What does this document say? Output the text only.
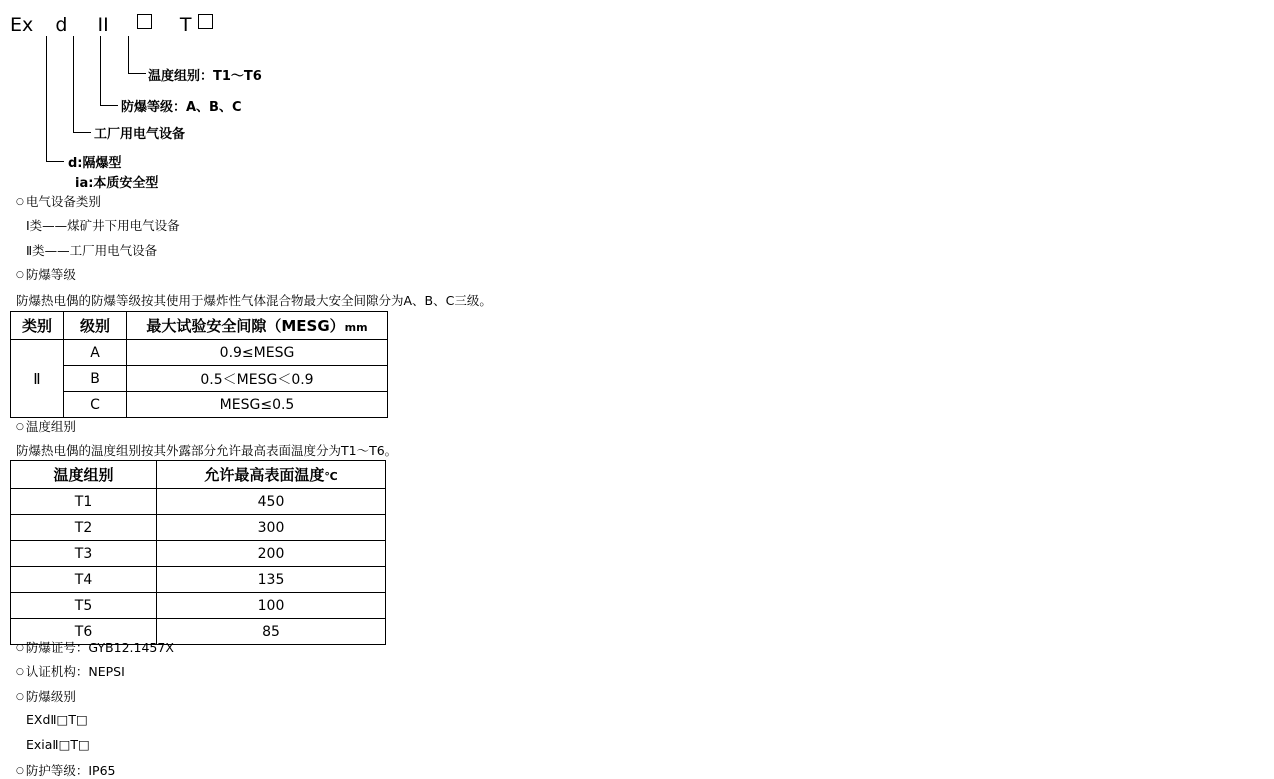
Ex d II	T
温度组别：T1～T6
防爆等级：A、B、C
工厂用电气设备
d:隔爆型
ia:本质安全型
○ 电气设备类别
Ⅰ类——煤矿井下用电气设备
Ⅱ类——工厂用电气设备
○ 防爆等级
防爆热电偶的防爆等级按其使用于爆炸性气体混合物最大安全间隙分为A、B、C三级。
类别	级别	最大试验安全间隙（MESG）mm
Ⅱ	A	0.9≤MESG
	B	0.5＜MESG＜0.9
	C	MESG≤0.5
○ 温度组别
防爆热电偶的温度组别按其外露部分允许最高表面温度分为T1～T6。
温度组别	允许最高表面温度℃
T1	450
T2	300
T3	200
T4	135
T5	100
T6	85
○ 防爆证号：GYB12.1457X
○ 认证机构：NEPSI
○ 防爆级别
EXdⅡ□T□
ExiaⅡ□T□
○ 防护等级：IP65
